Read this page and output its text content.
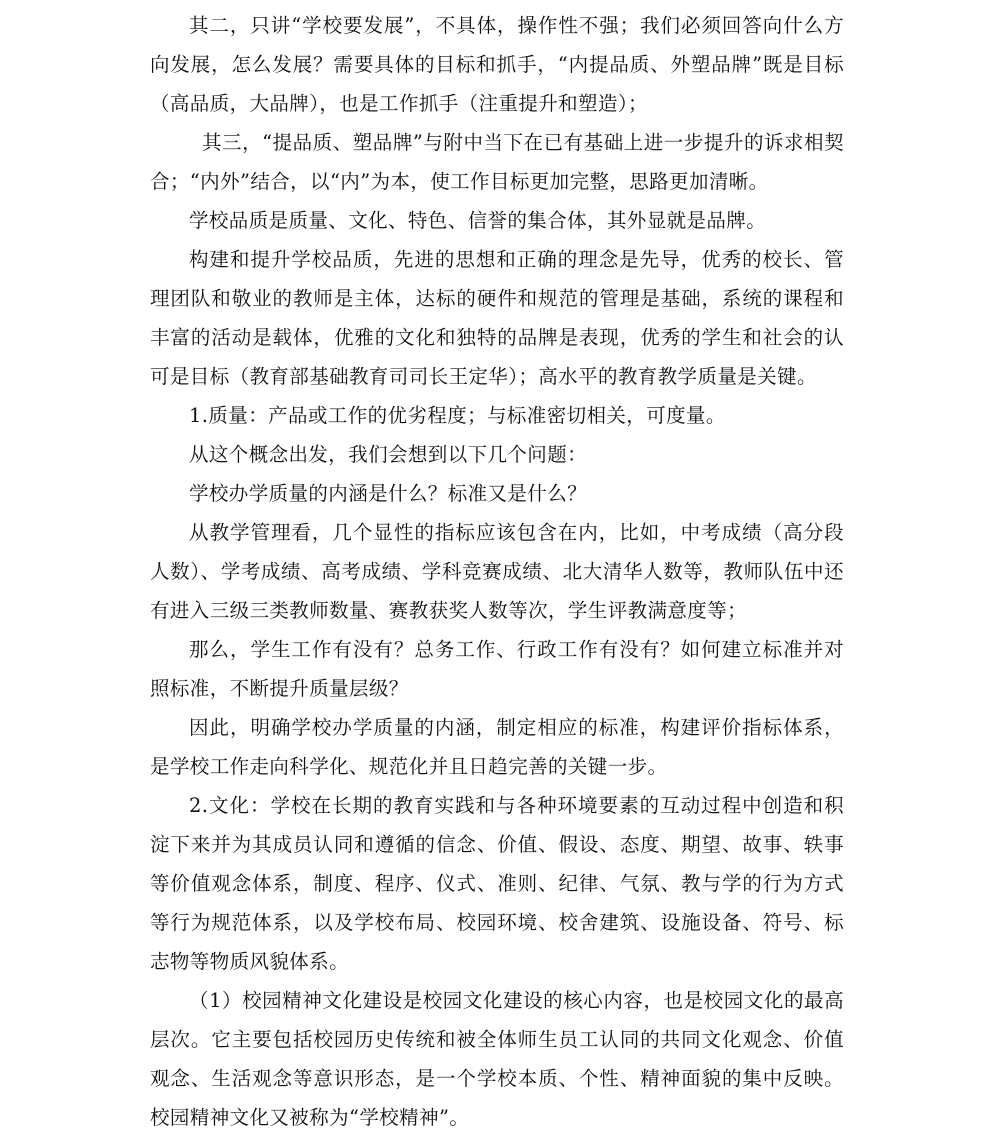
其二，只讲“学校要发展”，不具体，操作性不强；我们必须回答向什么方向发展，怎么发展？需要具体的目标和抓手，“内提品质、外塑品牌”既是目标（高品质，大品牌），也是工作抓手（注重提升和塑造）；

其三，“提品质、塑品牌”与附中当下在已有基础上进一步提升的诉求相契合；“内外”结合，以“内”为本，使工作目标更加完整，思路更加清晰。

学校品质是质量、文化、特色、信誉的集合体，其外显就是品牌。

构建和提升学校品质，先进的思想和正确的理念是先导，优秀的校长、管理团队和敬业的教师是主体，达标的硬件和规范的管理是基础，系统的课程和丰富的活动是载体，优雅的文化和独特的品牌是表现，优秀的学生和社会的认可是目标（教育部基础教育司司长王定华）；高水平的教育教学质量是关键。

1.质量：产品或工作的优劣程度；与标准密切相关，可度量。

从这个概念出发，我们会想到以下几个问题：

学校办学质量的内涵是什么？标准又是什么？

从教学管理看，几个显性的指标应该包含在内，比如，中考成绩（高分段人数）、学考成绩、高考成绩、学科竞赛成绩、北大清华人数等，教师队伍中还有进入三级三类教师数量、赛教获奖人数等次，学生评教满意度等；

那么，学生工作有没有？总务工作、行政工作有没有？如何建立标准并对照标准，不断提升质量层级？

因此，明确学校办学质量的内涵，制定相应的标准，构建评价指标体系，是学校工作走向科学化、规范化并且日趋完善的关键一步。

2.文化：学校在长期的教育实践和与各种环境要素的互动过程中创造和积淀下来并为其成员认同和遵循的信念、价值、假设、态度、期望、故事、轶事等价值观念体系，制度、程序、仪式、准则、纪律、气氛、教与学的行为方式等行为规范体系，以及学校布局、校园环境、校舍建筑、设施设备、符号、标志物等物质风貌体系。

（1）校园精神文化建设是校园文化建设的核心内容，也是校园文化的最高层次。它主要包括校园历史传统和被全体师生员工认同的共同文化观念、价值观念、生活观念等意识形态，是一个学校本质、个性、精神面貌的集中反映。校园精神文化又被称为“学校精神”。
